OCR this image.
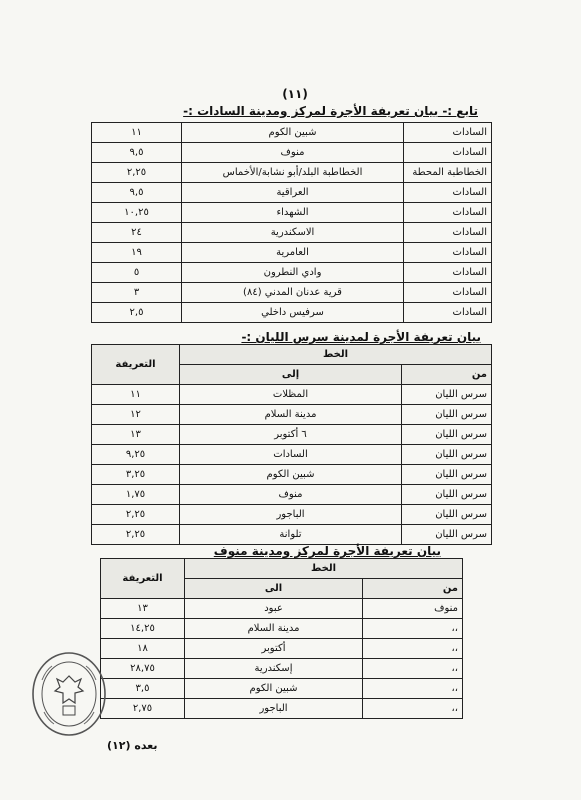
(١١)
تابع :- بيان تعريفة الأجرة لمركز ومدينة السادات :-
السادات	شبين الكوم	١١
السادات	منوف	٩,٥
الخطاطبة المحطة	الخطاطبة البلد/أبو نشابة/الأخماس	٢,٢٥
السادات	العراقية	٩,٥
السادات	الشهداء	١٠,٢٥
السادات	الاسكندرية	٢٤
السادات	العامرية	١٩
السادات	وادي النطرون	٥
السادات	قرية عدنان المدني (٨٤)	٣
السادات	سرفيس داخلي	٢,٥
بيان تعريفة الأجرة لمدينة سرس الليان :-
الخط		التعريفة
من	إلى	
سرس الليان	المظلات	١١
سرس الليان	مدينة السلام	١٢
سرس الليان	٦ أكتوبر	١٣
سرس الليان	السادات	٩,٢٥
سرس الليان	شبين الكوم	٣,٢٥
سرس الليان	منوف	١,٧٥
سرس الليان	الباجور	٢,٢٥
سرس الليان	تلوانة	٢,٢٥
بيان تعريفة الأجرة لمركز ومدينة منوف
الخط		التعريفة
من	الى	
منوف	عبود	١٣
،،	مدينة السلام	١٤,٢٥
،،	أكتوبر	١٨
،،	إسكندرية	٢٨,٧٥
،،	شبين الكوم	٣,٥
،،	الباجور	٢,٧٥
بعده (١٢)
